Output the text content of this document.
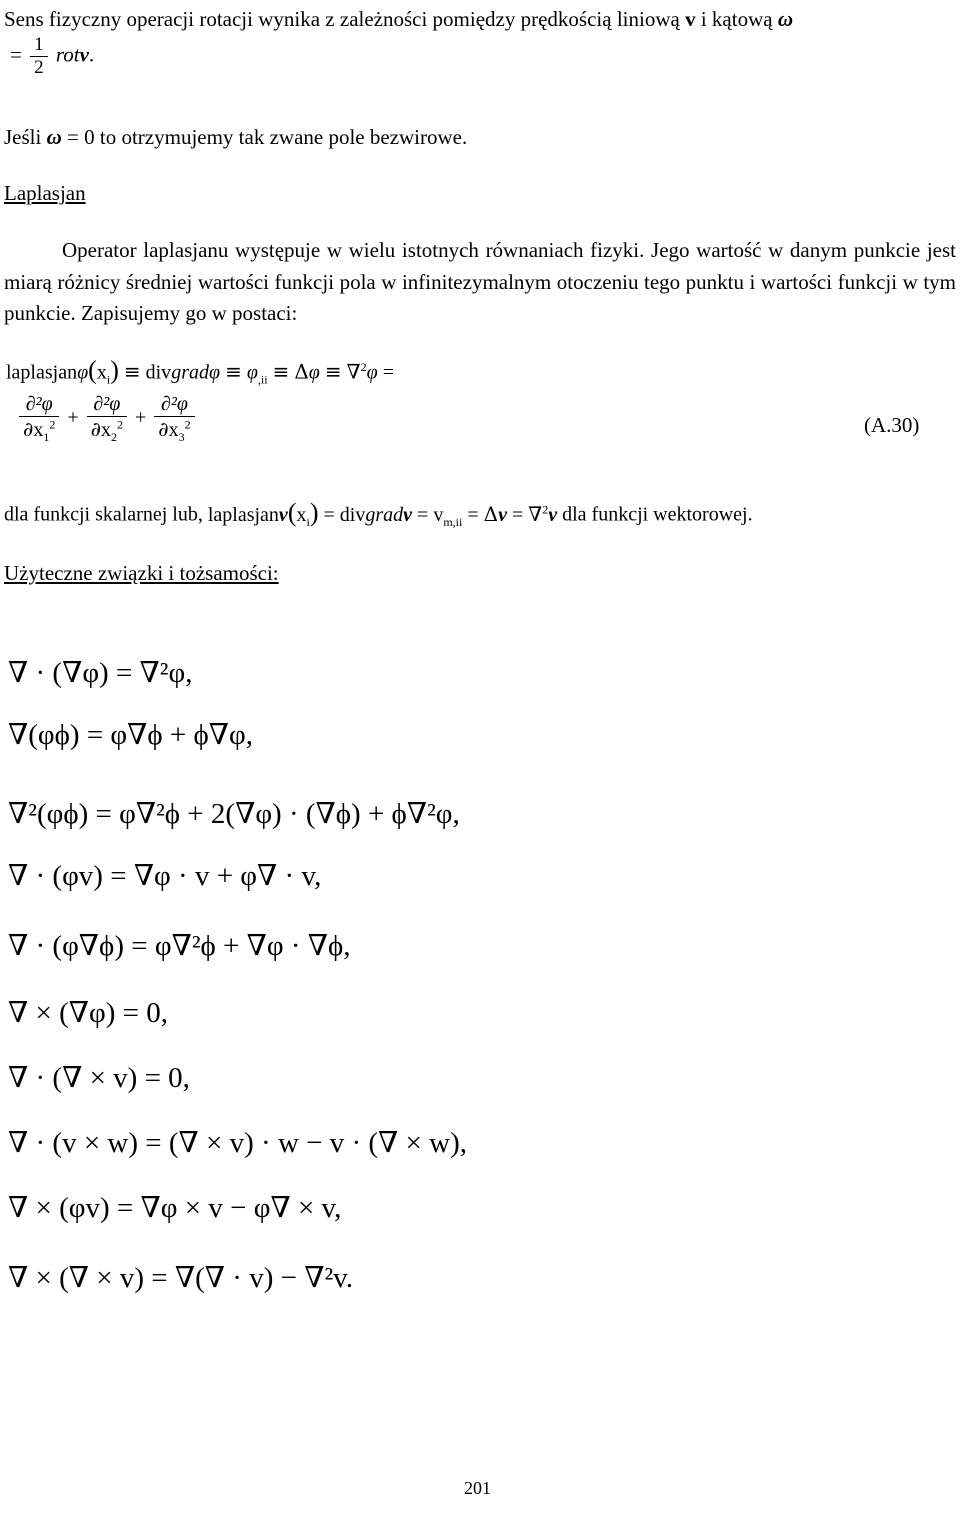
Sens fizyczny operacji rotacji wynika z zależności pomiędzy prędkością liniową v i kątową ω
= $\frac{1}{2}$ rotv.
Jeśli ω = 0 to otrzymujemy tak zwane pole bezwirowe.
Laplasjan
Operator laplasjanu występuje w wielu istotnych równaniach fizyki. Jego wartość w danym punkcie jest miarą różnicy średniej wartości funkcji pola w infinitezymalnym otoczeniu tego punktu i wartości funkcji w tym punkcie. Zapisujemy go w postaci:
$laplasjan\varphi(x_i)$ ≡ divgradφ ≡ $\varphi_{,ii} \equiv \Delta\varphi \equiv \nabla^2\varphi$ =
$\frac{\text{∂²φ}}{\partial x_1^2} + \frac{\text{∂²φ}}{\partial x_2^2} + \frac{\text{∂²φ}}{\partial x_3^2}$	(A.30)
dla funkcji skalarnej lub, $laplasjanv(x_i)$ = divgradv = $v_{m,ii} = \Delta v = \nabla^2v$ dla funkcji wektorowej.
Użyteczne związki i tożsamości:
∇ · (∇φ) = ∇²φ,
∇(φϕ) = φ∇ϕ + ϕ∇φ,
∇²(φϕ) = φ∇²ϕ + 2(∇φ) · (∇ϕ) + ϕ∇²φ,
∇ · (φv) = ∇φ · v + φ∇ · v,
∇ · (φ∇ϕ) = φ∇²ϕ + ∇φ · ∇ϕ,
∇ × (∇φ) = 0,
∇ · (∇ × v) = 0,
∇ · (v × w) = (∇ × v) · w − v · (∇ × w),
∇ × (φv) = ∇φ × v − φ∇ × v,
∇ × (∇ × v) = ∇(∇ · v) − ∇²v.
201
